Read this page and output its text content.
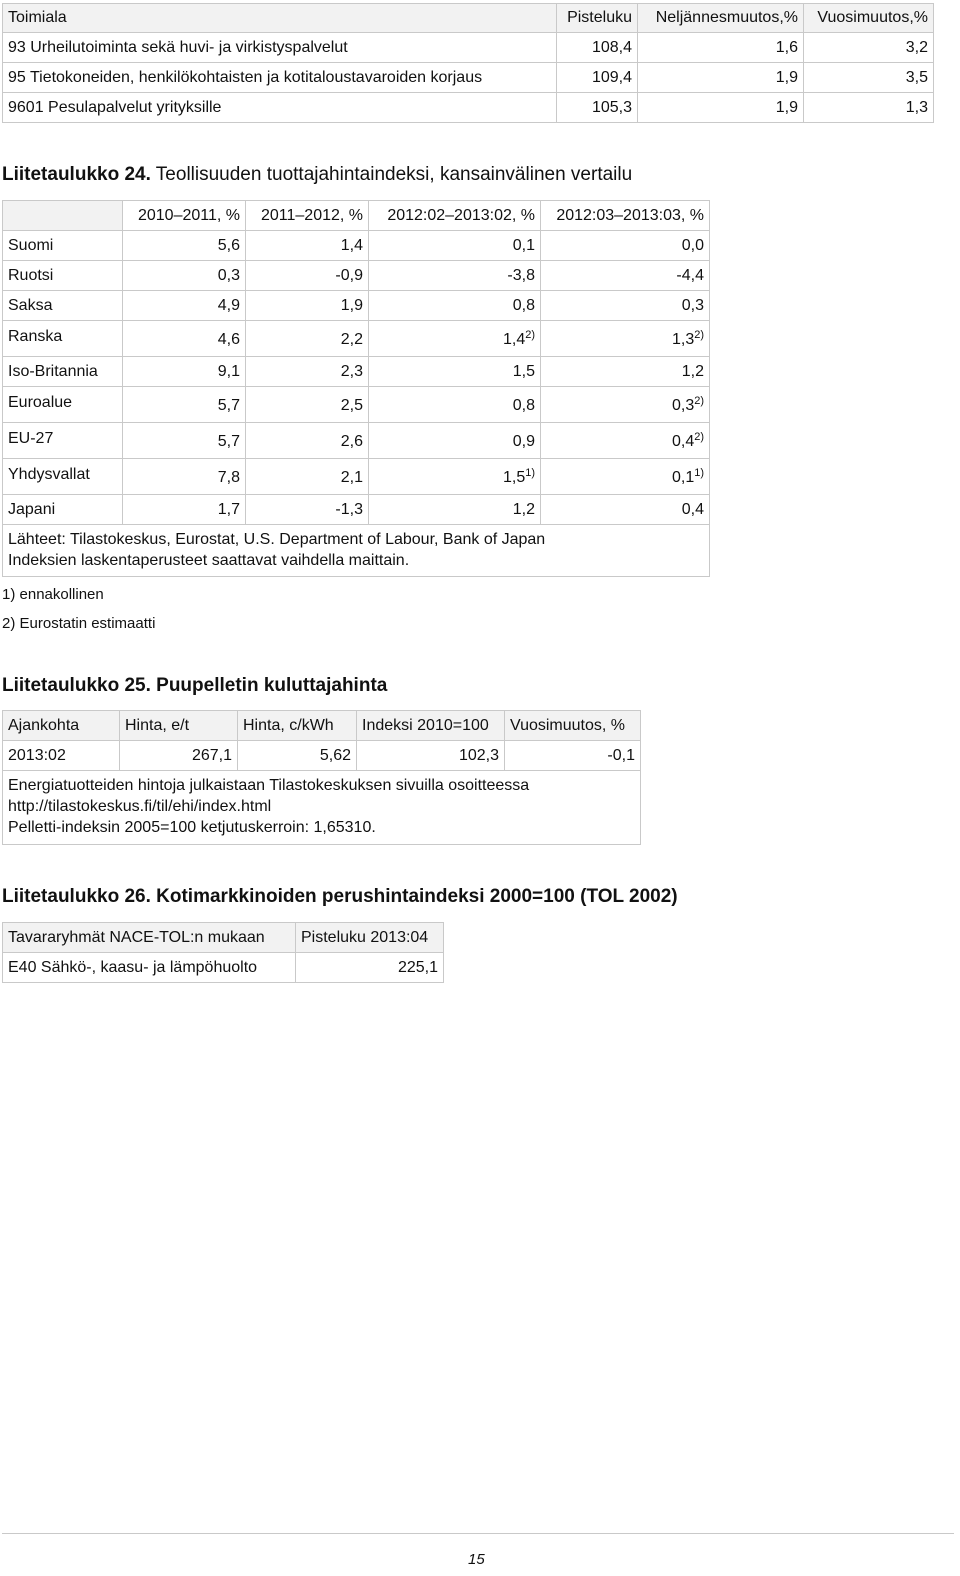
Toimiala	Pisteluku	Neljännesmuutos,%	Vuosimuutos,%
93 Urheilutoiminta sekä huvi- ja virkistyspalvelut	108,4	1,6	3,2
95 Tietokoneiden, henkilökohtaisten ja kotitaloustavaroiden korjaus	109,4	1,9	3,5
9601 Pesulapalvelut yrityksille	105,3	1,9	1,3
Liitetaulukko 24. Teollisuuden tuottajahintaindeksi, kansainvälinen vertailu
	2010–2011, %	2011–2012, %	2012:02–2013:02, %	2012:03–2013:03, %
Suomi	5,6	1,4	0,1	0,0
Ruotsi	0,3	-0,9	-3,8	-4,4
Saksa	4,9	1,9	0,8	0,3
Ranska	4,6	2,2	1,4$^{2)}$	1,3$^{2)}$
Iso-Britannia	9,1	2,3	1,5	1,2
Euroalue	5,7	2,5	0,8	0,3$^{2)}$
EU-27	5,7	2,6	0,9	0,4$^{2)}$
Yhdysvallat	7,8	2,1	1,5$^{1)}$	0,1$^{1)}$
Japani	1,7	-1,3	1,2	0,4

Lähteet: Tilastokeskus, Eurostat, U.S. Department of Labour, Bank of Japan
Indeksien laskentaperusteet saattavat vaihdella maittain.				
1) ennakollinen
2) Eurostatin estimaatti
Liitetaulukko 25. Puupelletin kuluttajahinta
Ajankohta	Hinta, e/t	Hinta, c/kWh	Indeksi 2010=100	Vuosimuutos, %
2013:02	267,1	5,62	102,3	-0,1

Energiatuotteiden hintoja julkaistaan Tilastokeskuksen sivuilla osoitteessa
http://tilastokeskus.fi/til/ehi/index.html
Pelletti-indeksin 2005=100 ketjutuskerroin: 1,65310.				
Liitetaulukko 26. Kotimarkkinoiden perushintaindeksi 2000=100 (TOL 2002)
Tavararyhmät NACE-TOL:n mukaan	Pisteluku 2013:04
E40 Sähkö-, kaasu- ja lämpöhuolto	225,1
15
